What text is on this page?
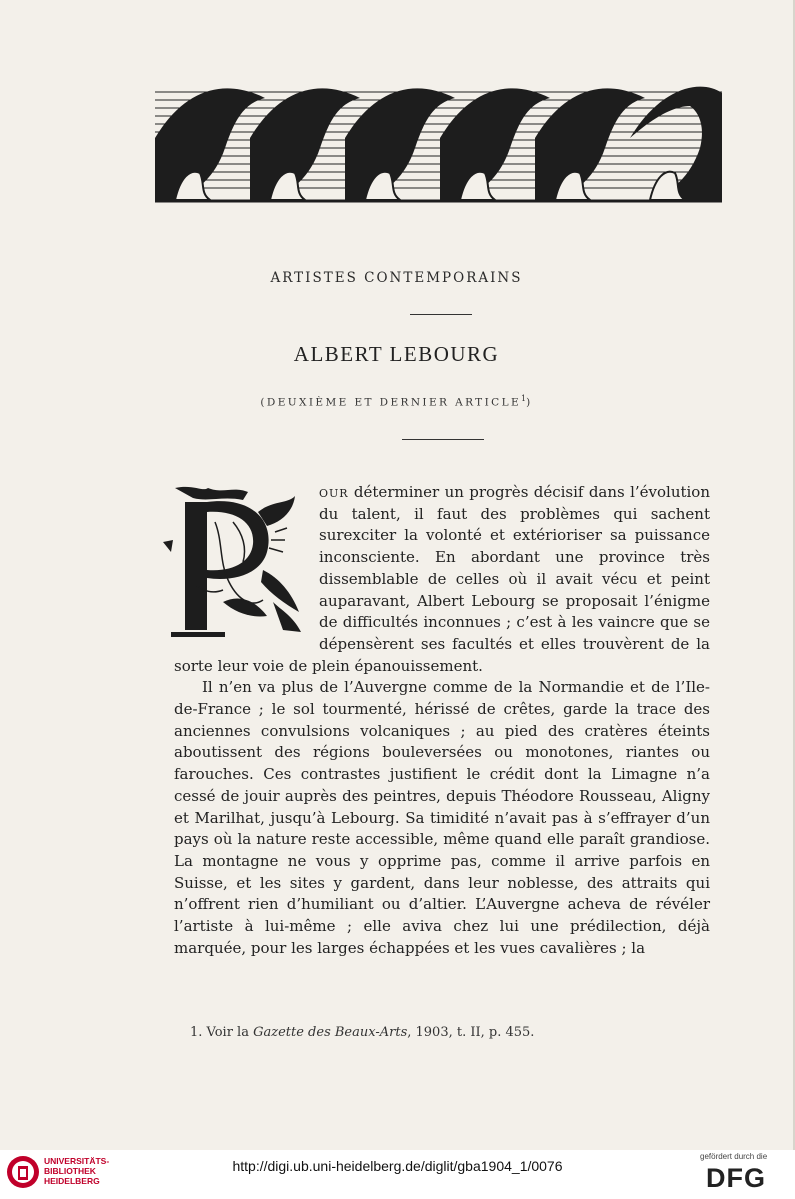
ARTISTES CONTEMPORAINS
ALBERT LEBOURG
(DEUXIÈME ET DERNIER ARTICLE$^1$)

our déterminer un progrès décisif dans l’évolution du talent, il faut des problèmes qui sachent surexciter la volonté et extérioriser sa puissance inconsciente. En abordant une province très dissemblable de celles où il avait vécu et peint auparavant, Albert Lebourg se proposait l’énigme de difficultés inconnues ; c’est à les vaincre que se dépensèrent ses facultés et elles trouvèrent de la sorte leur voie de plein épanouissement.

Il n’en va plus de l’Auvergne comme de la Normandie et de l’Ile-de-France ; le sol tourmenté, hérissé de crêtes, garde la trace des anciennes convulsions volcaniques ; au pied des cratères éteints aboutissent des régions bouleversées ou monotones, riantes ou farouches. Ces contrastes justifient le crédit dont la Limagne n’a cessé de jouir auprès des peintres, depuis Théodore Rousseau, Aligny et Marilhat, jusqu’à Lebourg. Sa timidité n’avait pas à s’effrayer d’un pays où la nature reste accessible, même quand elle paraît grandiose. La montagne ne vous y opprime pas, comme il arrive parfois en Suisse, et les sites y gardent, dans leur noblesse, des attraits qui n’offrent rien d’humiliant ou d’altier. L’Auvergne acheva de révéler l’artiste à lui-même ; elle aviva chez lui une prédilection, déjà marquée, pour les larges échappées et les vues cavalières ; la

1. Voir la Gazette des Beaux-Arts, 1903, t. II, p. 455.
UNIVERSITÄTS-
BIBLIOTHEK
HEIDELBERG
http://digi.ub.uni-heidelberg.de/diglit/gba1904_1/0076
gefördert durch die
DFG
